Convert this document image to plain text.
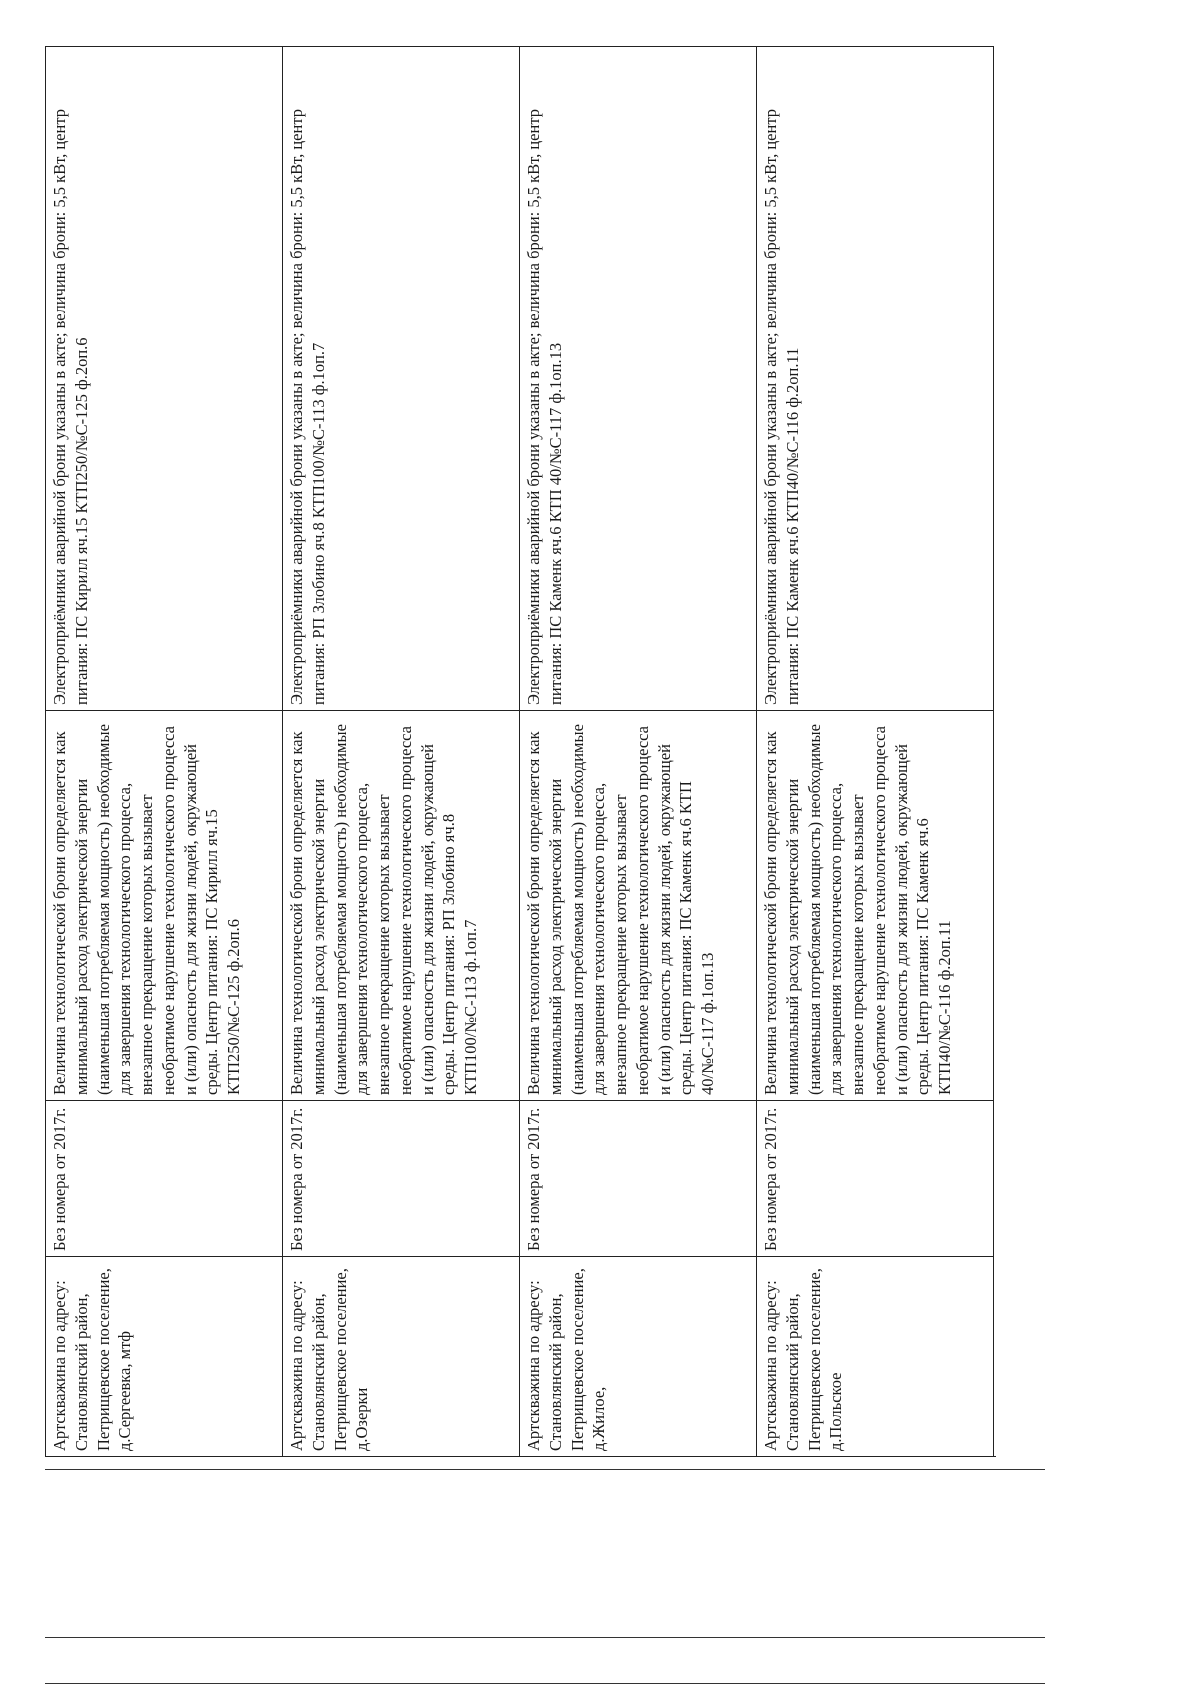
Артскважина по адресу: Становлянский район, Петрищевское поселение, д.Сергеевка, мтф
Без номера от 2017г.
Величина технологической брони определяется как минимальный расход электрической энергии (наименьшая потребляемая мощность) необходимые для завершения технологического процесса, внезапное прекращение которых вызывает необратимое нарушение технологического процесса и (или) опасность для жизни людей, окружающей среды. Центр питания: ПС Кирилл яч.15 КТП250/№С-125 ф.2оп.6
Электроприёмники аварийной брони указаны в акте; величина брони: 5,5 кВт, центр питания: ПС Кирилл яч.15 КТП250/№С-125 ф.2оп.6
Артскважина по адресу: Становлянский район, Петрищевское поселение, д.Озерки
Без номера от 2017г.
Величина технологической брони определяется как минимальный расход электрической энергии (наименьшая потребляемая мощность) необходимые для завершения технологического процесса, внезапное прекращение которых вызывает необратимое нарушение технологического процесса и (или) опасность для жизни людей, окружающей среды. Центр питания: РП Злобино яч.8 КТП100/№С-113 ф.1оп.7
Электроприёмники аварийной брони указаны в акте; величина брони: 5,5 кВт, центр питания: РП Злобино яч.8 КТП100/№С-113 ф.1оп.7
Артскважина по адресу: Становлянский район, Петрищевское поселение, д.Жилое,
Без номера от 2017г.
Величина технологической брони определяется как минимальный расход электрической энергии (наименьшая потребляемая мощность) необходимые для завершения технологического процесса, внезапное прекращение которых вызывает необратимое нарушение технологического процесса и (или) опасность для жизни людей, окружающей среды. Центр питания: ПС Каменк яч.6 КТП 40/№С-117 ф.1оп.13
Электроприёмники аварийной брони указаны в акте; величина брони: 5,5 кВт, центр питания: ПС Каменк яч.6 КТП 40/№С-117 ф.1оп.13
Артскважина по адресу: Становлянский район, Петрищевское поселение, д.Польское
Без номера от 2017г.
Величина технологической брони определяется как минимальный расход электрической энергии (наименьшая потребляемая мощность) необходимые для завершения технологического процесса, внезапное прекращение которых вызывает необратимое нарушение технологического процесса и (или) опасность для жизни людей, окружающей среды. Центр питания: ПС Каменк яч.6 КТП40/№С-116 ф.2оп.11
Электроприёмники аварийной брони указаны в акте; величина брони: 5,5 кВт, центр питания: ПС Каменк яч.6 КТП40/№С-116 ф.2оп.11
